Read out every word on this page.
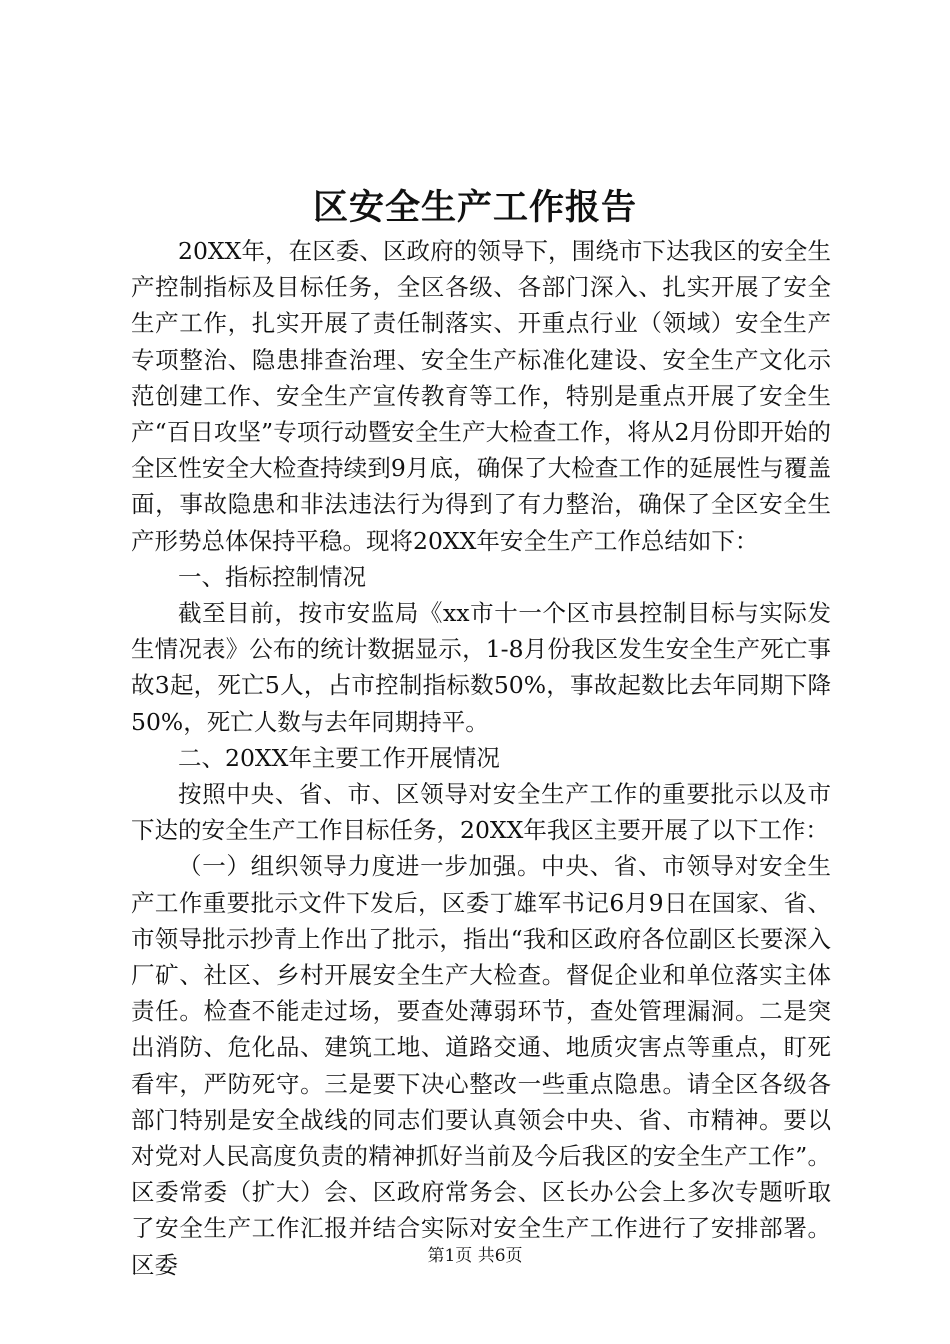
区安全生产工作报告

20XX年，在区委、区政府的领导下，围绕市下达我区的安全生产控制指标及目标任务，全区各级、各部门深入、扎实开展了安全生产工作，扎实开展了责任制落实、开重点行业（领域）安全生产专项整治、隐患排查治理、安全生产标准化建设、安全生产文化示范创建工作、安全生产宣传教育等工作，特别是重点开展了安全生产“百日攻坚”专项行动暨安全生产大检查工作，将从2月份即开始的全区性安全大检查持续到9月底，确保了大检查工作的延展性与覆盖面，事故隐患和非法违法行为得到了有力整治，确保了全区安全生产形势总体保持平稳。现将20XX年安全生产工作总结如下：

一、指标控制情况

截至目前，按市安监局《xx市十一个区市县控制目标与实际发生情况表》公布的统计数据显示，1-8月份我区发生安全生产死亡事故3起，死亡5人，占市控制指标数50%，事故起数比去年同期下降50%，死亡人数与去年同期持平。

二、20XX年主要工作开展情况

按照中央、省、市、区领导对安全生产工作的重要批示以及市下达的安全生产工作目标任务，20XX年我区主要开展了以下工作：

（一）组织领导力度进一步加强。中央、省、市领导对安全生产工作重要批示文件下发后，区委丁雄军书记6月9日在国家、省、市领导批示抄青上作出了批示，指出“我和区政府各位副区长要深入厂矿、社区、乡村开展安全生产大检查。督促企业和单位落实主体责任。检查不能走过场，要查处薄弱环节，查处管理漏洞。二是突出消防、危化品、建筑工地、道路交通、地质灾害点等重点，盯死看牢，严防死守。三是要下决心整改一些重点隐患。请全区各级各部门特别是安全战线的同志们要认真领会中央、省、市精神。要以对党对人民高度负责的精神抓好当前及今后我区的安全生产工作”。区委常委（扩大）会、区政府常务会、区长办公会上多次专题听取了安全生产工作汇报并结合实际对安全生产工作进行了安排部署。区委	第1页 共6页
